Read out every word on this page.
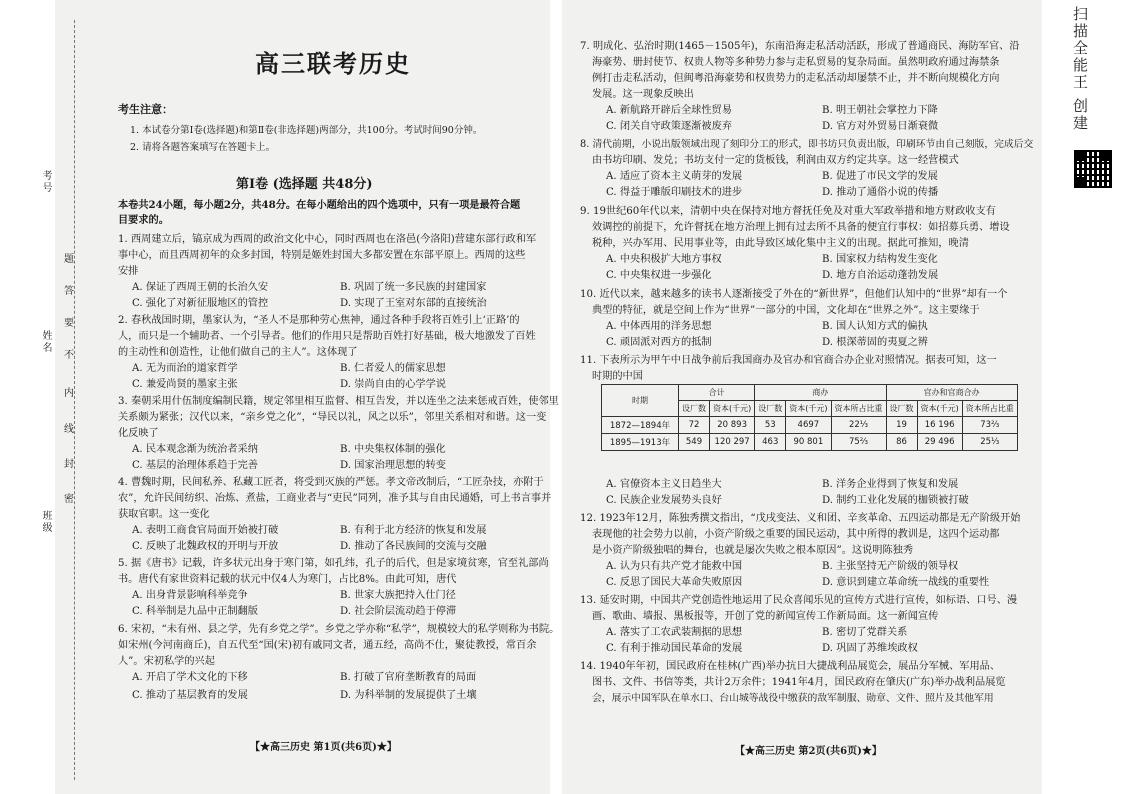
考号
姓名
班级
题
答
要
不
内
线
封
密
高三联考历史
考生注意：
1. 本试卷分第Ⅰ卷(选择题)和第Ⅱ卷(非选择题)两部分，共100分。考试时间90分钟。
2. 请将各题答案填写在答题卡上。
第Ⅰ卷 (选择题 共48分)
本卷共24小题，每小题2分，共48分。在每小题给出的四个选项中，只有一项是最符合题
目要求的。
1. 西周建立后，镐京成为西周的政治文化中心，同时西周也在洛邑(今洛阳)营建东部行政和军
事中心，而且西周初年的众多封国，特别是姬姓封国大多都安置在东部平原上。西周的这些
安排
A. 保证了西周王朝的长治久安	B. 巩固了统一多民族的封建国家
C. 强化了对新征服地区的管控	D. 实现了王室对东部的直接统治
2. 春秋战国时期，墨家认为，“圣人不是那种劳心焦神，通过各种手段将百姓引上‘正路’的
人，而只是一个辅助者、一个引导者。他们的作用只是帮助百姓打好基础，极大地激发了百姓
的主动性和创造性，让他们做自己的主人”。这体现了
A. 无为而治的道家哲学	B. 仁者爱人的儒家思想
C. 兼爱尚贤的墨家主张	D. 崇尚自由的心学学说
3. 秦朝采用什伍制度编制民籍，规定邻里相互监督、相互告发，并以连坐之法来惩戒百姓，使邻里
关系颇为紧张；汉代以来，“亲乡党之化”，“导民以礼，风之以乐”，邻里关系相对和谐。这一变
化反映了
A. 民本观念渐为统治者采纳	B. 中央集权体制的强化
C. 基层的治理体系趋于完善	D. 国家治理思想的转变
4. 曹魏时期，民间私养、私藏工匠者，将受到灭族的严惩。孝文帝改制后，“工匠杂技，亦附于
农”，允许民间纺织、冶炼、煮盐，工商业者与“吏民”同列，准予其与自由民通婚，可上书言事并
获取官职。这一变化
A. 表明工商食官局面开始被打破	B. 有利于北方经济的恢复和发展
C. 反映了北魏政权的开明与开放	D. 推动了各民族间的交流与交融
5. 据《唐书》记载，许多状元出身于寒门第，如孔纬，孔子的后代，但是家境贫寒，官至礼部尚
书。唐代有家世资料记载的状元中仅4人为寒门，占比8%。由此可知，唐代
A. 出身背景影响科举竞争	B. 世家大族把持入仕门径
C. 科举制是九品中正制翻版	D. 社会阶层流动趋于停滞
6. 宋初，“未有州、县之学，先有乡党之学”。乡党之学亦称“私学”，规模较大的私学则称为书院。
如宋州(今河南商丘)，自五代至“国(宋)初有戚同文者，通五经，高尚不仕，聚徒教授，常百余
人”。宋初私学的兴起
A. 开启了学术文化的下移	B. 打破了官府垄断教育的局面
C. 推动了基层教育的发展	D. 为科举制的发展提供了土壤
【★高三历史 第1页(共6页)★】
7. 明成化、弘治时期(1465－1505年)，东南沿海走私活动活跃，形成了普通商民、海防军官、沿
海豪势、册封使节、权贵人物等多种势力参与走私贸易的复杂局面。虽然明政府通过海禁条
例打击走私活动，但闽粤沿海豪势和权贵势力的走私活动却屡禁不止，并不断向规模化方向
发展。这一现象反映出
A. 新航路开辟后全球性贸易	B. 明王朝社会掌控力下降
C. 闭关自守政策逐渐被废弃	D. 官方对外贸易日渐衰微
8. 清代前期，小说出版领域出现了刻印分工的形式，即书坊只负责出版，印刷环节由自己刻版，完成后交
由书坊印刷、发兑；书坊支付一定的货板钱，利润由双方约定共享。这一经营模式
A. 适应了资本主义萌芽的发展	B. 促进了市民文学的发展
C. 得益于雕版印刷技术的进步	D. 推动了通俗小说的传播
9. 19世纪60年代以来，清朝中央在保持对地方督抚任免及对重大军政举措和地方财政收支有
效调控的前提下，允许督抚在地方治理上拥有过去所不具备的便宜行事权：如招募兵勇、增设
税种，兴办军用、民用事业等，由此导致区域化集中主义的出现。据此可推知，晚清
A. 中央积极扩大地方事权	B. 国家权力结构发生变化
C. 中央集权进一步强化	D. 地方自治运动蓬勃发展
10. 近代以来，越来越多的读书人逐渐接受了外在的“新世界”，但他们认知中的“世界”却有一个
典型的特征，就是空间上作为“世界”一部分的中国，文化却在“世界之外”。这主要缘于
A. 中体西用的洋务思想	B. 国人认知方式的偏执
C. 顽固派对西方的抵制	D. 根深蒂固的夷夏之辨
11. 下表所示为甲午中日战争前后我国商办及官办和官商合办企业对照情况。据表可知，这一
时期的中国
时期	合计		商办			官办和官商合办		
	设厂数	资本(千元)	设厂数	资本(千元)	资本所占比重	设厂数	资本(千元)	资本所占比重
1872—1894年	72	20 893	53	4697	22⅓	19	16 196	73⅔
1895—1913年	549	120 297	463	90 801	75⅔	86	29 496	25⅓
A. 官僚资本主义日趋坐大	B. 洋务企业得到了恢复和发展
C. 民族企业发展势头良好	D. 制约工业化发展的枷锁被打破
12. 1923年12月，陈独秀撰文指出，“戊戌变法、义和团、辛亥革命、五四运动都是无产阶级开始
表现他的社会势力以前，小资产阶级之重要的国民运动，其中所得的教训是，这四个运动都
是小资产阶级独唱的舞台，也就是屡次失败之根本原因”。这说明陈独秀
A. 认为只有共产党才能救中国	B. 主张坚持无产阶级的领导权
C. 反思了国民大革命失败原因	D. 意识到建立革命统一战线的重要性
13. 延安时期，中国共产党创造性地运用了民众喜闻乐见的宣传方式进行宣传，如标语、口号、漫
画、歌曲、墙报、黑板报等，开创了党的新闻宣传工作新局面。这一新闻宣传
A. 落实了工农武装割据的思想	B. 密切了党群关系
C. 有利于推动国民革命的发展	D. 巩固了苏维埃政权
14. 1940年年初，国民政府在桂林(广西)举办抗日大捷战利品展览会，展品分军械、军用品、
图书、文件、书信等类，共计2万余件；1941年4月，国民政府在肇庆(广东)举办战利品展览
会，展示中国军队在单水口、台山城等战役中缴获的敌军制服、勋章、文件、照片及其他军用
【★高三历史 第2页(共6页)★】
扫描全能王 创建
